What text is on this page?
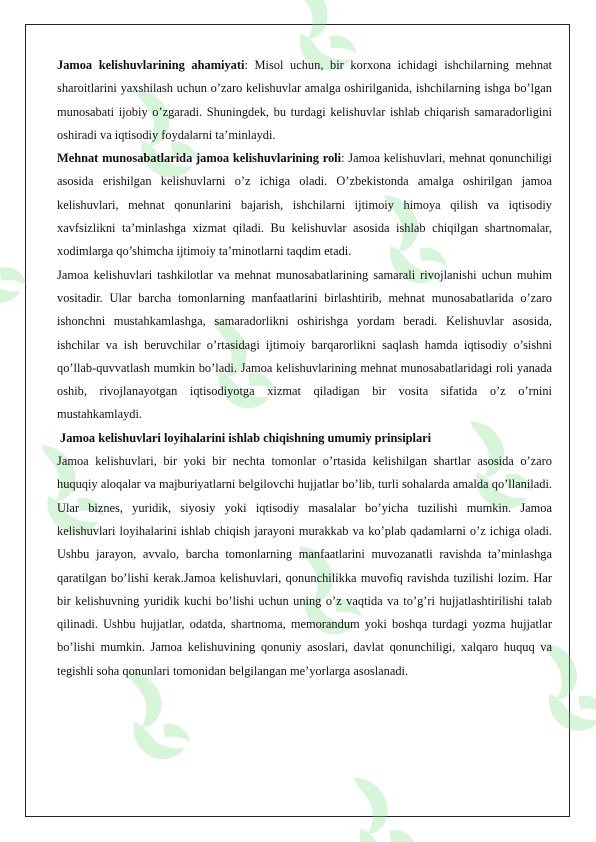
Jamoa kelishuvlarining ahamiyati: Misol uchun, bir korxona ichidagi ishchilarning mehnat sharoitlarini yaxshilash uchun o’zaro kelishuvlar amalga oshirilganida, ishchilarning ishga bo’lgan munosabati ijobiy o’zgaradi. Shuningdek, bu turdagi kelishuvlar ishlab chiqarish samaradorligini oshiradi va iqtisodiy foydalarni ta’minlaydi.

Mehnat munosabatlarida jamoa kelishuvlarining roli: Jamoa kelishuvlari, mehnat qonunchiligi asosida erishilgan kelishuvlarni o’z ichiga oladi. O’zbekistonda amalga oshirilgan jamoa kelishuvlari, mehnat qonunlarini bajarish, ishchilarni ijtimoiy himoya qilish va iqtisodiy xavfsizlikni ta’minlashga xizmat qiladi. Bu kelishuvlar asosida ishlab chiqilgan shartnomalar, xodimlarga qo’shimcha ijtimoiy ta’minotlarni taqdim etadi.

Jamoa kelishuvlari tashkilotlar va mehnat munosabatlarining samarali rivojlanishi uchun muhim vositadir. Ular barcha tomonlarning manfaatlarini birlashtirib, mehnat munosabatlarida o’zaro ishonchni mustahkamlashga, samaradorlikni oshirishga yordam beradi. Kelishuvlar asosida, ishchilar va ish beruvchilar o’rtasidagi ijtimoiy barqarorlikni saqlash hamda iqtisodiy o’sishni qo’llab-quvvatlash mumkin bo’ladi. Jamoa kelishuvlarining mehnat munosabatlaridagi roli yanada oshib, rivojlanayotgan iqtisodiyotga xizmat qiladigan bir vosita sifatida o’z o’rnini mustahkamlaydi.

Jamoa kelishuvlari loyihalarini ishlab chiqishning umumiy prinsiplari

Jamoa kelishuvlari, bir yoki bir nechta tomonlar o’rtasida kelishilgan shartlar asosida o’zaro huquqiy aloqalar va majburiyatlarni belgilovchi hujjatlar bo’lib, turli sohalarda amalda qo’llaniladi. Ular biznes, yuridik, siyosiy yoki iqtisodiy masalalar bo’yicha tuzilishi mumkin. Jamoa kelishuvlari loyihalarini ishlab chiqish jarayoni murakkab va ko’plab qadamlarni o’z ichiga oladi. Ushbu jarayon, avvalo, barcha tomonlarning manfaatlarini muvozanatli ravishda ta’minlashga qaratilgan bo’lishi kerak.Jamoa kelishuvlari, qonunchilikka muvofiq ravishda tuzilishi lozim. Har bir kelishuvning yuridik kuchi bo’lishi uchun uning o’z vaqtida va to’g’ri hujjatlashtirilishi talab qilinadi. Ushbu hujjatlar, odatda, shartnoma, memorandum yoki boshqa turdagi yozma hujjatlar bo’lishi mumkin. Jamoa kelishuvining qonuniy asoslari, davlat qonunchiligi, xalqaro huquq va tegishli soha qonunlari tomonidan belgilangan me’yorlarga asoslanadi.
